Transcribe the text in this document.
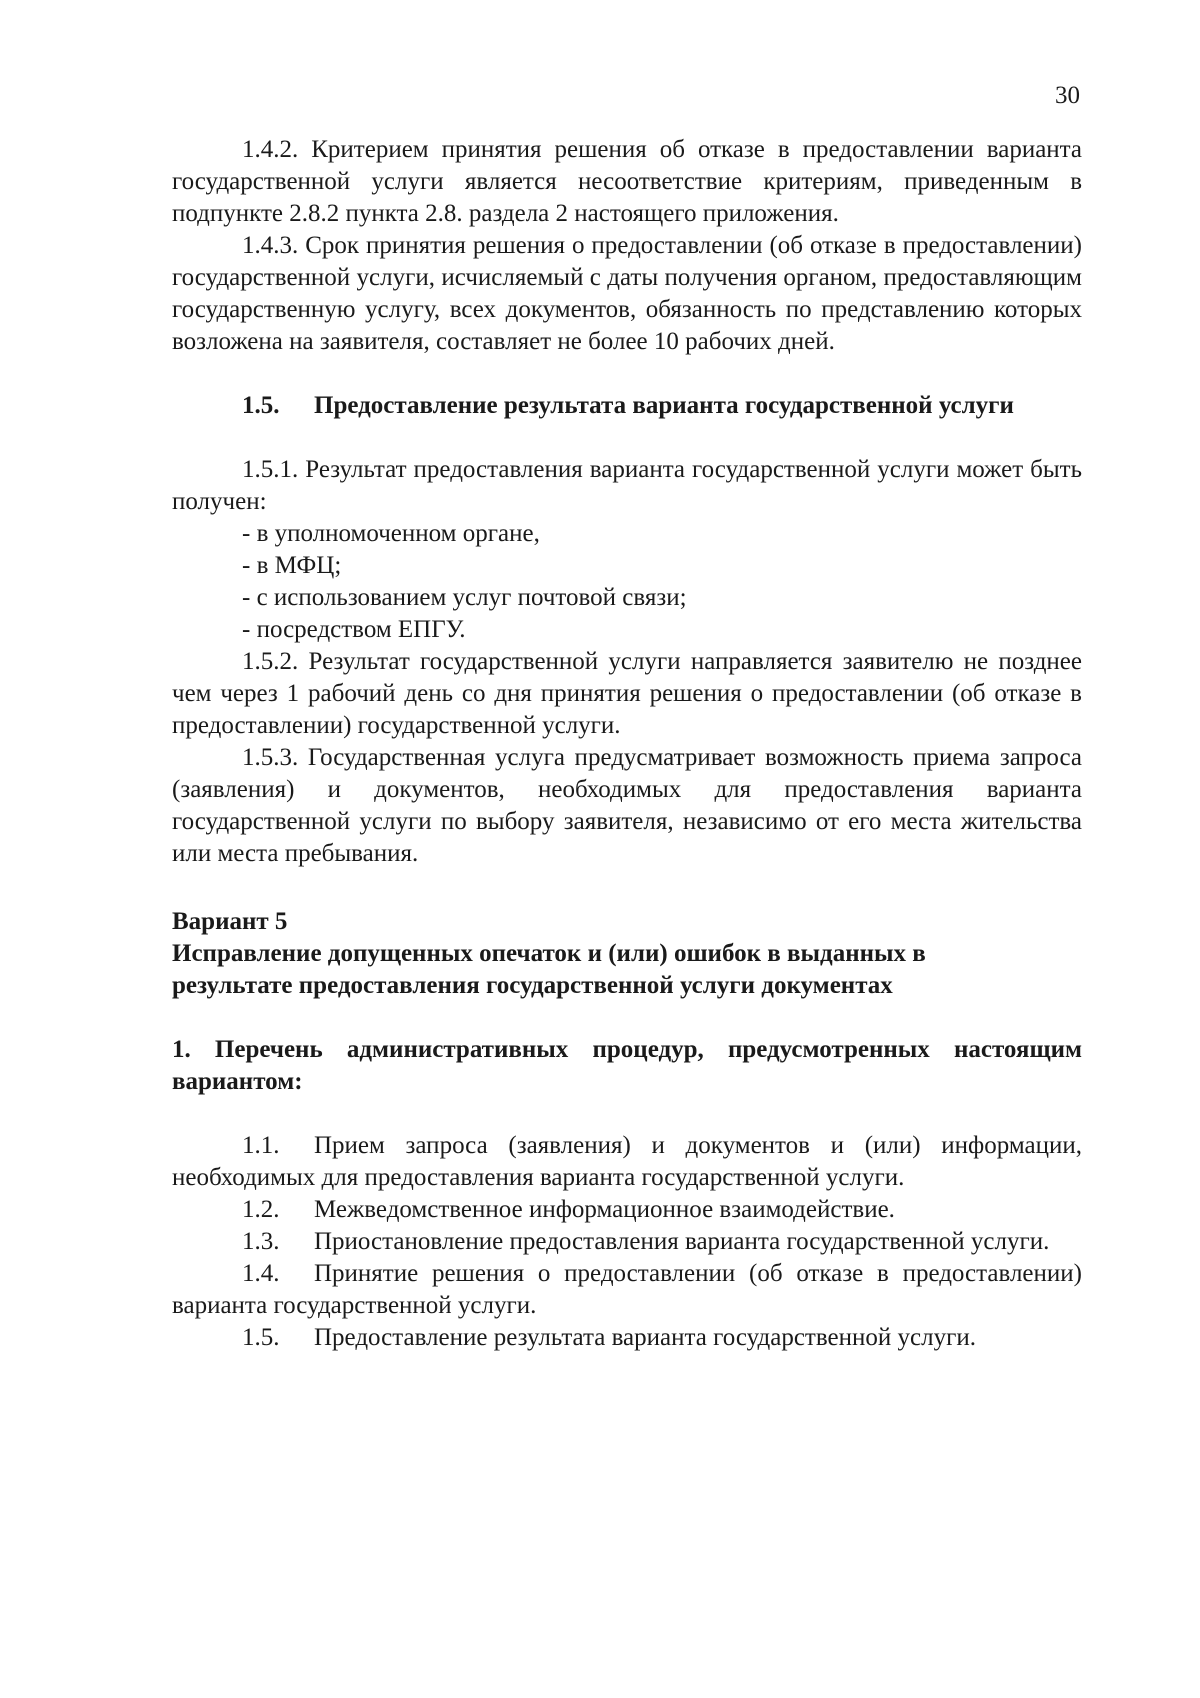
30

1.4.2. Критерием принятия решения об отказе в предоставлении варианта государственной услуги является несоответствие критериям, приведенным в подпункте 2.8.2 пункта 2.8. раздела 2 настоящего приложения.

1.4.3. Срок принятия решения о предоставлении (об отказе в предоставлении) государственной услуги, исчисляемый с даты получения органом, предоставляющим государственную услугу, всех документов, обязанность по представлению которых возложена на заявителя, составляет не более 10 рабочих дней.

1.5. Предоставление результата варианта государственной услуги

1.5.1. Результат предоставления варианта государственной услуги может быть получен:

- в уполномоченном органе,

- в МФЦ;

- с использованием услуг почтовой связи;

- посредством ЕПГУ.

1.5.2. Результат государственной услуги направляется заявителю не позднее чем через 1 рабочий день со дня принятия решения о предоставлении (об отказе в предоставлении) государственной услуги.

1.5.3. Государственная услуга предусматривает возможность приема запроса (заявления) и документов, необходимых для предоставления варианта государственной услуги по выбору заявителя, независимо от его места жительства или места пребывания.

Вариант 5

Исправление допущенных опечаток и (или) ошибок в выданных в

результате предоставления государственной услуги документах

1. Перечень административных процедур, предусмотренных настоящим вариантом:

1.1. Прием запроса (заявления) и документов и (или) информации, необходимых для предоставления варианта государственной услуги.

1.2. Межведомственное информационное взаимодействие.

1.3. Приостановление предоставления варианта государственной услуги.

1.4. Принятие решения о предоставлении (об отказе в предоставлении) варианта государственной услуги.

1.5. Предоставление результата варианта государственной услуги.
